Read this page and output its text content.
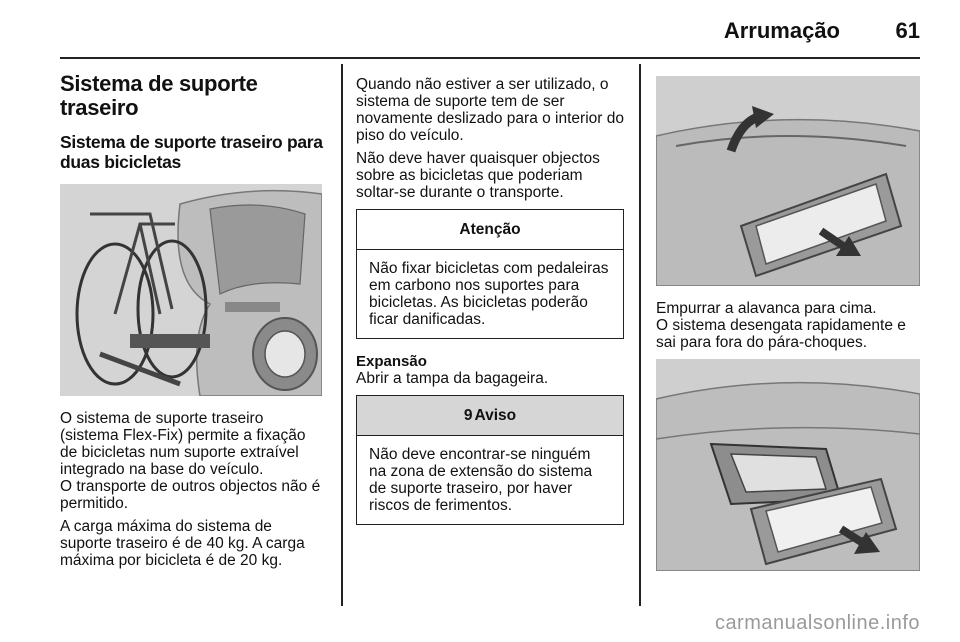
Arrumação	61
Sistema de suporte traseiro
Sistema de suporte traseiro para duas bicicletas

O sistema de suporte traseiro (sistema Flex-Fix) permite a fixação de bicicletas num suporte extraível integrado na base do veículo.

O transporte de outros objectos não é permitido.

A carga máxima do sistema de suporte traseiro é de 40 kg. A carga máxima por bicicleta é de 20 kg.

Quando não estiver a ser utilizado, o sistema de suporte tem de ser novamente deslizado para o interior do piso do veículo.

Não deve haver quaisquer objectos sobre as bicicletas que poderiam soltar-se durante o transporte.

Atenção
Não fixar bicicletas com pedaleiras em carbono nos suportes para bicicletas. As bicicletas poderão ficar danificadas.
Expansão

Abrir a tampa da bagageira.

9 Aviso
Não deve encontrar-se ninguém na zona de extensão do sistema de suporte traseiro, por haver riscos de ferimentos.

Empurrar a alavanca para cima.

O sistema desengata rapidamente e sai para fora do pára-choques.

carmanualsonline.info
